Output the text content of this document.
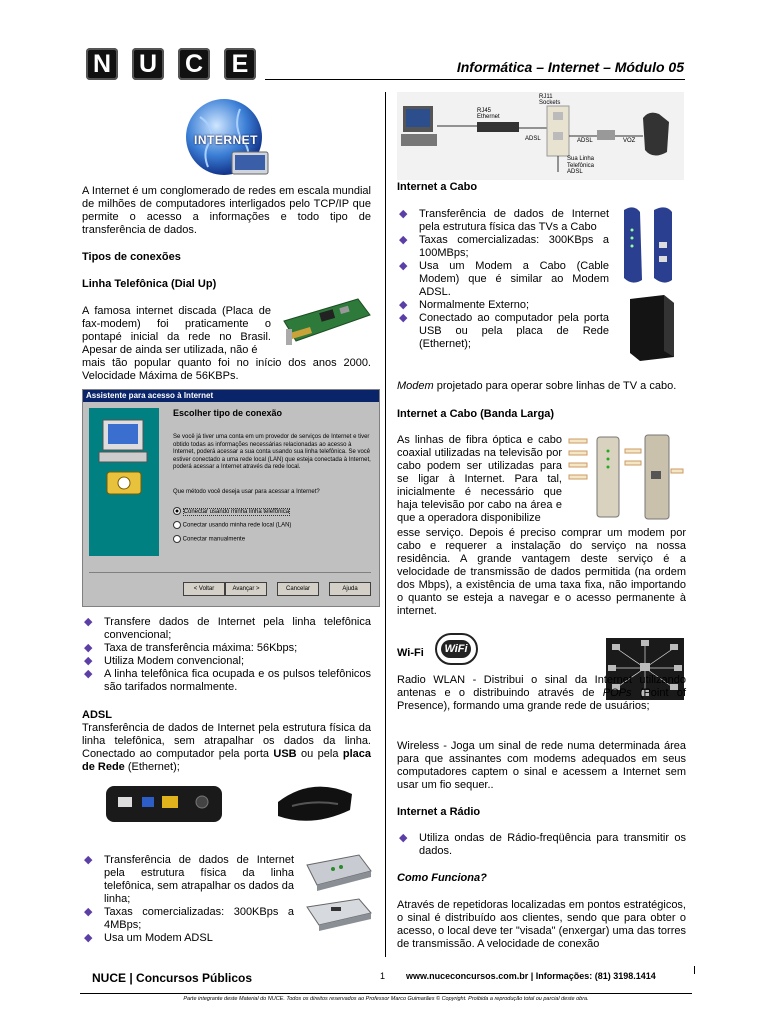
N U C	E	Informática – Internet – Módulo 05
INTERNET

A Internet é um conglomerado de redes em escala mundial de milhões de computadores interligados pelo TCP/IP que permite o acesso a informações e todo tipo de transferência de dados.

Tipos de conexões

Linha Telefônica (Dial Up)

A famosa internet discada (Placa de fax-modem) foi praticamente o pontapé inicial da rede no Brasil. Apesar de ainda ser utilizada, não é

mais tão popular quanto foi no início dos anos 2000. Velocidade Máxima de 56KBPs.

Assistente para acesso à Internet
Escolher tipo de conexão
Se você já tiver uma conta em um provedor de serviços de Internet e tiver obtido todas as informações necessárias relacionadas ao acesso à Internet, poderá acessar a sua conta usando sua linha telefônica. Se você estiver conectado a uma rede local (LAN) que esteja conectada à Internet, poderá acessar a Internet através da rede local.
Que método você deseja usar para acessar a Internet?
Conectar usando minha linha telefônica
Conectar usando minha rede local (LAN)
Conectar manualmente
< Voltar	Avançar >	Cancelar	Ajuda
◆ Transfere dados de Internet pela linha telefônica convencional;
◆ Taxa de transferência máxima: 56Kbps;
◆ Utiliza Modem convencional;
◆ A linha telefônica fica ocupada e os pulsos telefônicos são tarifados normalmente.

ADSL

Transferência de dados de Internet pela estrutura física da linha telefônica, sem atrapalhar os dados da linha. Conectado ao computador pela porta USB ou pela placa de Rede (Ethernet);

◆ Transferência de dados de Internet pela estrutura física da linha telefônica, sem atrapalhar os dados da linha;
◆ Taxas comercializadas: 300KBps a 4MBps;
◆ Usa um Modem ADSL
RJ11 Sockets
RJ45 Ethernet
ADSL	ADSL	VOZ
Sua Linha Telefônica ADSL

Internet a Cabo

◆ Transferência de dados de Internet pela estrutura física das TVs a Cabo
◆ Taxas comercializadas: 300KBps a 100MBps;
◆ Usa um Modem a Cabo (Cable Modem) que é similar ao Modem ADSL.
◆ Normalmente Externo;
◆ Conectado ao computador pela porta USB ou pela placa de Rede (Ethernet);

Modem projetado para operar sobre linhas de TV a cabo.

Internet a Cabo (Banda Larga)

As linhas de fibra óptica e cabo coaxial utilizadas na televisão por cabo podem ser utilizadas para se ligar à Internet. Para tal, inicialmente é necessário que haja televisão por cabo na área e que a operadora disponibilize

esse serviço. Depois é preciso comprar um modem por cabo e requerer a instalação do serviço na nossa residência. A grande vantagem deste serviço é a velocidade de transmissão de dados permitida (na ordem dos Mbps), a existência de uma taxa fixa, não importando o quanto se esteja a navegar e o acesso permanente à internet.

Wi-Fi	WiFi

Radio WLAN - Distribui o sinal da Internet utilizando antenas e o distribuindo através de POPs (Point of Presence), formando uma grande rede de usuários;

Wireless - Joga um sinal de rede numa determinada área para que assinantes com modems adequados em seus computadores captem o sinal e acessem a Internet sem usar um fio sequer..

Internet a Rádio

◆ Utiliza ondas de Rádio-freqüência para transmitir os dados.

Como Funciona?

Através de repetidoras localizadas em pontos estratégicos, o sinal é distribuído aos clientes, sendo que para obter o acesso, o local deve ter "visada" (enxergar) uma das torres de transmissão. A velocidade de conexão

NUCE | Concursos Públicos	1 www.nuceconcursos.com.br | Informações: (81) 3198.1414

Parte integrante deste Material do NUCE. Todos os direitos reservados ao Professor Marco Guimarães © Copyright. Proibida a reprodução total ou parcial deste obra.
